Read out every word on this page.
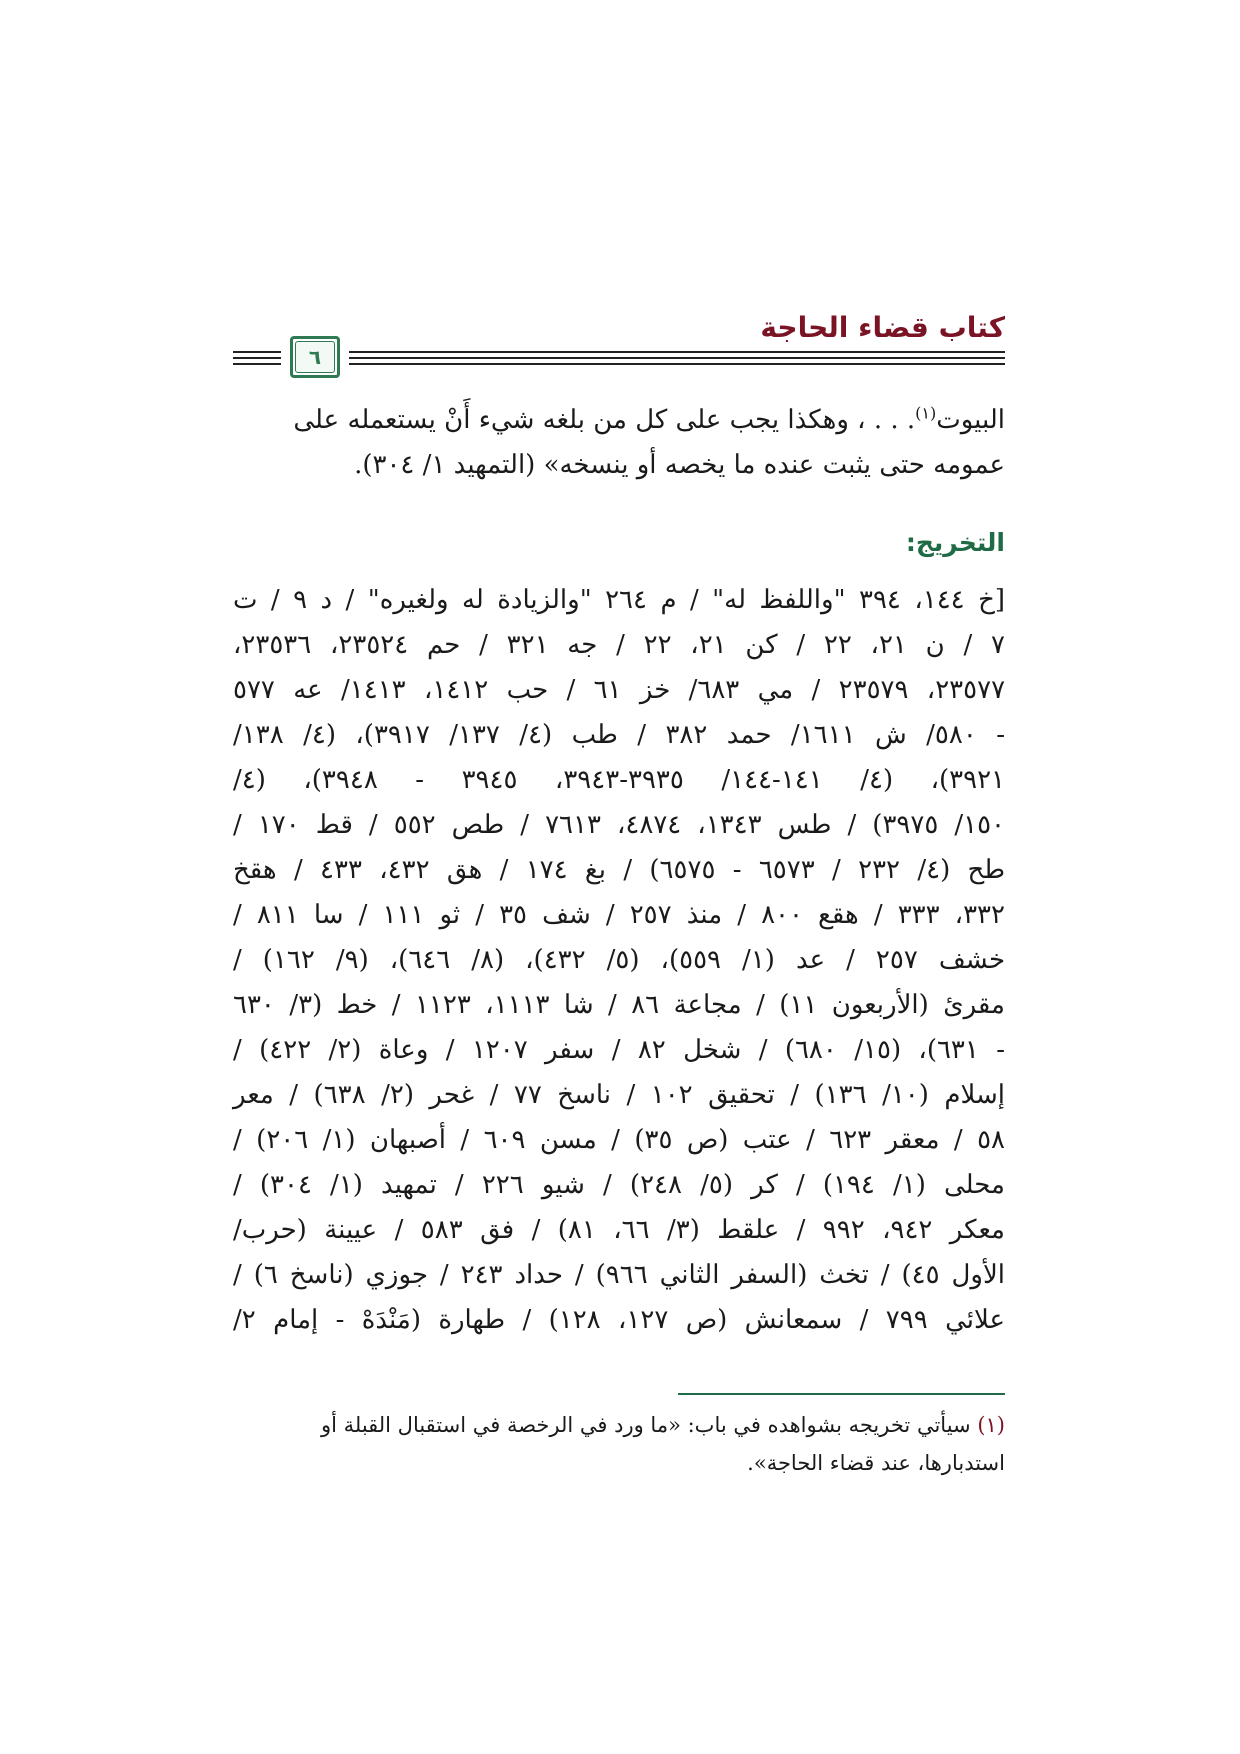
كتاب قضاء الحاجة
٦

البيوت$^{(١)}$. . . ، وهكذا يجب على كل من بلغه شيء أَنْ يستعمله على

عمومه حتى يثبت عنده ما يخصه أو ينسخه» (التمهيد ١/ ٣٠٤).

التخريج:

[خ ١٤٤، ٣٩٤ "واللفظ له" / م ٢٦٤ "والزيادة له ولغيره" / د ٩ / ت

٧ / ن ٢١، ٢٢ / كن ٢١، ٢٢ / جه ٣٢١ / حم ٢٣٥٢٤، ٢٣٥٣٦،

٢٣٥٧٧، ٢٣٥٧٩ / مي ٦٨٣/ خز ٦١ / حب ١٤١٢، ١٤١٣/ عه ٥٧٧

- ٥٨٠/ ش ١٦١١/ حمد ٣٨٢ / طب (٤/ ١٣٧/ ٣٩١٧)، (٤/ ١٣٨/

٣٩٢١)، (٤/ ١٤١-١٤٤/ ٣٩٣٥-٣٩٤٣، ٣٩٤٥ - ٣٩٤٨)، (٤/

١٥٠/ ٣٩٧٥) / طس ١٣٤٣، ٤٨٧٤، ٧٦١٣ / طص ٥٥٢ / قط ١٧٠ /

طح (٤/ ٢٣٢ / ٦٥٧٣ - ٦٥٧٥) / بغ ١٧٤ / هق ٤٣٢، ٤٣٣ / هقخ

٣٣٢، ٣٣٣ / هقع ٨٠٠ / منذ ٢٥٧ / شف ٣٥ / ثو ١١١ / سا ٨١١ /

خشف ٢٥٧ / عد (١/ ٥٥٩)، (٥/ ٤٣٢)، (٨/ ٦٤٦)، (٩/ ١٦٢) /

مقرئ (الأربعون ١١) / مجاعة ٨٦ / شا ١١١٣، ١١٢٣ / خط (٣/ ٦٣٠

- ٦٣١)، (١٥/ ٦٨٠) / شخل ٨٢ / سفر ١٢٠٧ / وعاة (٢/ ٤٢٢) /

إسلام (١٠/ ١٣٦) / تحقيق ١٠٢ / ناسخ ٧٧ / غحر (٢/ ٦٣٨) / معر

٥٨ / معقر ٦٢٣ / عتب (ص ٣٥) / مسن ٦٠٩ / أصبهان (١/ ٢٠٦) /

محلى (١/ ١٩٤) / كر (٥/ ٢٤٨) / شيو ٢٢٦ / تمهيد (١/ ٣٠٤) /

معكر ٩٤٢، ٩٩٢ / علقط (٣/ ٦٦، ٨١) / فق ٥٨٣ / عيينة (حرب/

الأول ٤٥) / تخث (السفر الثاني ٩٦٦) / حداد ٢٤٣ / جوزي (ناسخ ٦) /

علائي ٧٩٩ / سمعانش (ص ١٢٧، ١٢٨) / طهارة (مَنْدَهْ - إمام ٢/

(١) سيأتي تخريجه بشواهده في باب: «ما ورد في الرخصة في استقبال القبلة أو

استدبارها، عند قضاء الحاجة».
